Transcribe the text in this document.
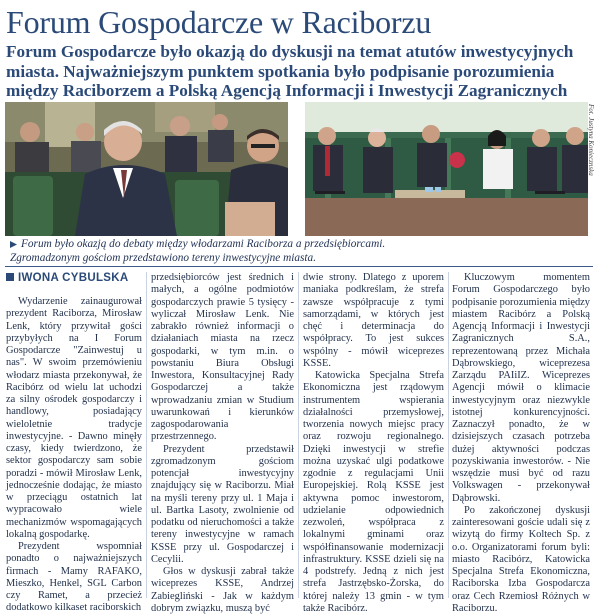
Forum Gospodarcze w Raciborzu
Forum Gospodarcze było okazją do dyskusji na temat atutów inwestycyjnych miasta. Najważniejszym punktem spotkania było podpisanie porozumienia między Raciborzem a Polską Agencją Informacji i Inwestycji Zagranicznych
Fot. Justyna Koniecznska
Forum było okazją do debaty między włodarzami Raciborza a przedsiębiorcami.
Zgromadzonym gościom przedstawiono tereny inwestycyjne miasta.
IWONA CYBULSKA

Wydarzenie zainaugurował prezydent Raciborza, Mirosław Lenk, który przywitał gości przybyłych na I Forum Gospodarcze "Zainwestuj u nas". W swoim przemówieniu włodarz miasta przekonywał, że Racibórz od wielu lat uchodzi za silny ośrodek gospodarczy i handlowy, posiadający wieloletnie tradycje inwestycyjne. - Dawno minęły czasy, kiedy twierdzono, że sektor gospodarczy sam sobie poradzi - mówił Mirosław Lenk, jednocześnie dodając, że miasto w przeciągu ostatnich lat wypracowało wiele mechanizmów wspomagających lokalną gospodarkę.

Prezydent wspomniał ponadto o najważniejszych firmach - Mamy RAFAKO, Mieszko, Henkel, SGL Carbon czy Ramet, a przecież dodatkowo kilkaset raciborskich

przedsiębiorców jest średnich i małych, a ogólne podmiotów gospodarczych prawie 5 tysięcy - wyliczał Mirosław Lenk. Nie zabrakło również informacji o działaniach miasta na rzecz gospodarki, w tym m.in. o powstaniu Biura Obsługi Inwestora, Konsultacyjnej Rady Gospodarczej a także wprowadzaniu zmian w Studium uwarunkowań i kierunków zagospodarowania przestrzennego.

Prezydent przedstawił zgromadzonym gościom potencjał inwestycyjny znajdujący się w Raciborzu. Miał na myśli tereny przy ul. 1 Maja i ul. Bartka Lasoty, zwolnienie od podatku od nieruchomości a także tereny inwestycyjne w ramach KSSE przy ul. Gospodarczej i Cecylii.

Głos w dyskusji zabrał także wiceprezes KSSE, Andrzej Zabiegliński - Jak w każdym dobrym związku, muszą być

dwie strony. Dlatego z uporem maniaka podkreślam, że strefa zawsze współpracuje z tymi samorządami, w których jest chęć i determinacja do współpracy. To jest sukces wspólny - mówił wiceprezes KSSE.

Katowicka Specjalna Strefa Ekonomiczna jest rządowym instrumentem wspierania działalności przemysłowej, tworzenia nowych miejsc pracy oraz rozwoju regionalnego. Dzięki inwestycji w strefie można uzyskać ulgi podatkowe zgodnie z regulacjami Unii Europejskiej. Rolą KSSE jest aktywna pomoc inwestorom, udzielanie odpowiednich zezwoleń, współpraca z lokalnymi gminami oraz współfinansowanie modernizacji infrastruktury. KSSE dzieli się na 4 podstrefy. Jedną z nich jest strefa Jastrzębsko-Żorska, do której należy 13 gmin - w tym także Racibórz.

Kluczowym momentem Forum Gospodarczego było podpisanie porozumienia między miastem Racibórz a Polską Agencją Informacji i Inwestycji Zagranicznych S.A., reprezentowaną przez Michała Dąbrowskiego, wiceprezesa Zarządu PAIiIZ. Wiceprezes Agencji mówił o klimacie inwestycyjnym oraz niezwykle istotnej konkurencyjności. Zaznaczył ponadto, że w dzisiejszych czasach potrzeba dużej aktywności podczas pozyskiwania inwestorów. - Nie wszędzie musi być od razu Volkswagen - przekonywał Dąbrowski.

Po zakończonej dyskusji zainteresowani goście udali się z wizytą do firmy Koltech Sp. z o.o. Organizatorami forum byli: miasto Racibórz, Katowicka Specjalna Strefa Ekonomiczna, Raciborska Izba Gospodarcza oraz Cech Rzemiosł Różnych w Raciborzu.
